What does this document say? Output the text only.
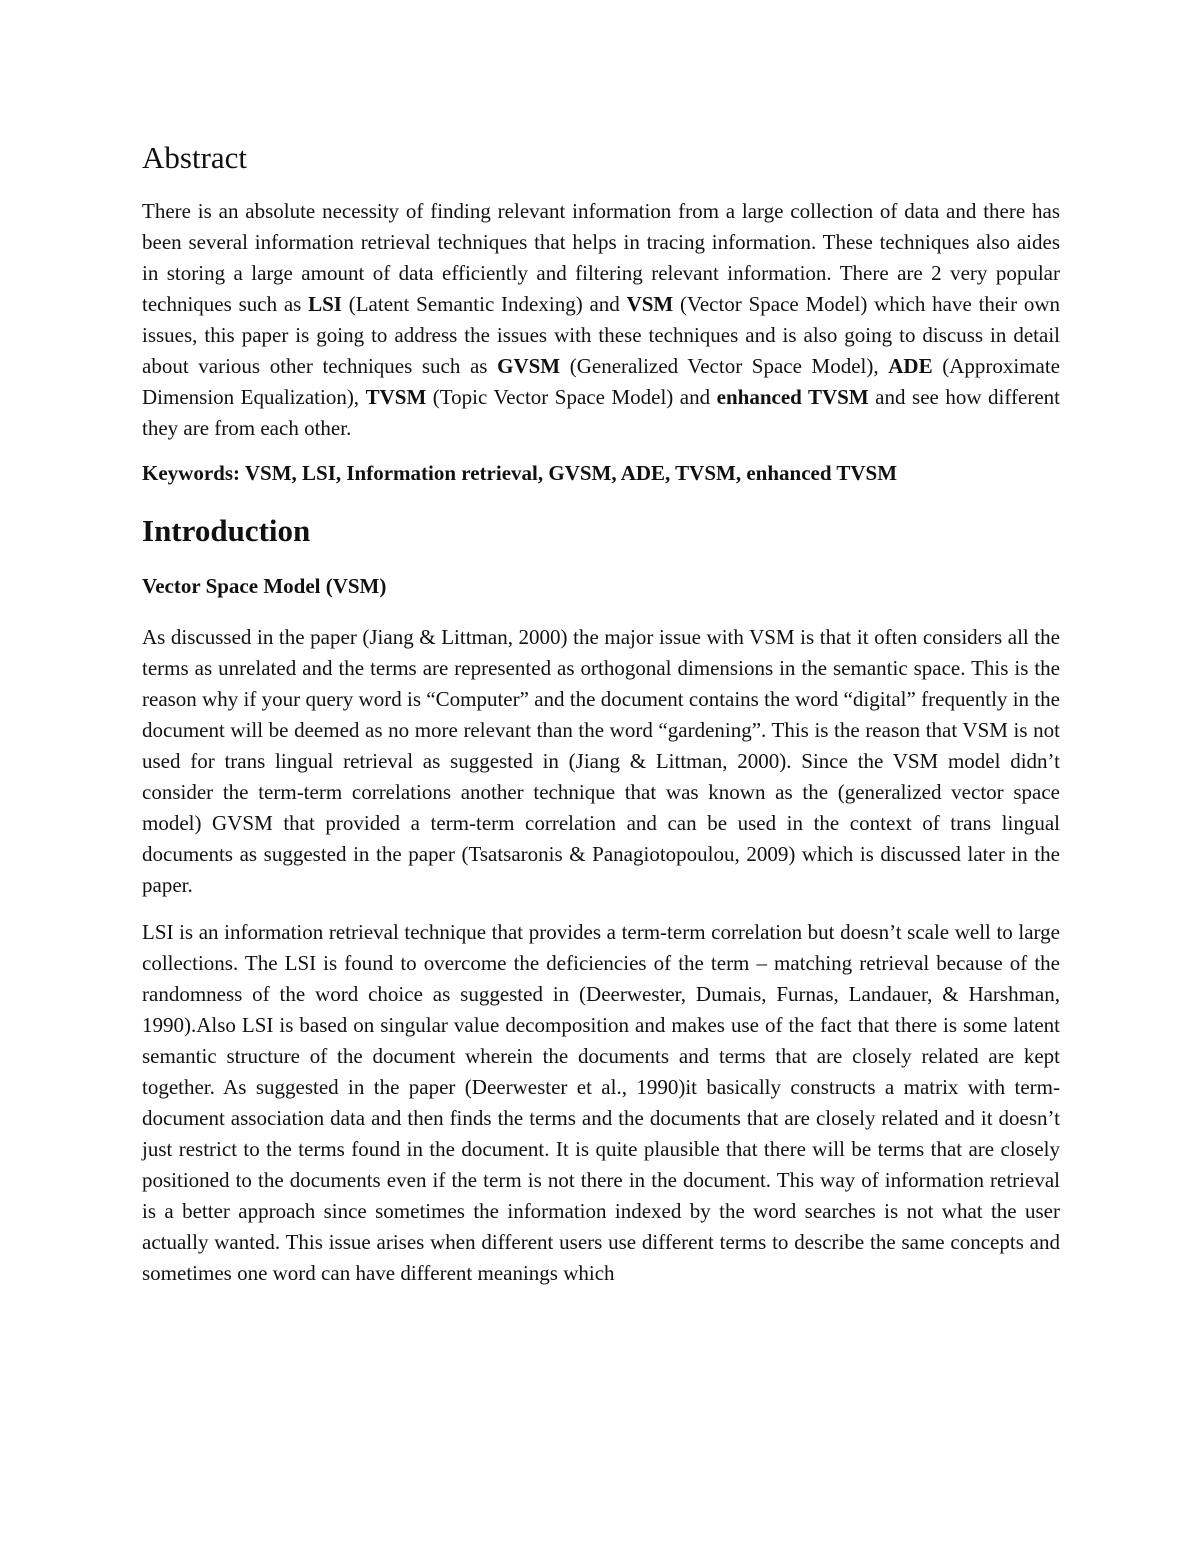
Abstract

There is an absolute necessity of finding relevant information from a large collection of data and there has been several information retrieval techniques that helps in tracing information. These techniques also aides in storing a large amount of data efficiently and filtering relevant information. There are 2 very popular techniques such as LSI (Latent Semantic Indexing) and VSM (Vector Space Model) which have their own issues, this paper is going to address the issues with these techniques and is also going to discuss in detail about various other techniques such as GVSM (Generalized Vector Space Model), ADE (Approximate Dimension Equalization), TVSM (Topic Vector Space Model) and enhanced TVSM and see how different they are from each other.

Keywords: VSM, LSI, Information retrieval, GVSM, ADE, TVSM, enhanced TVSM

Introduction
Vector Space Model (VSM)

As discussed in the paper (Jiang & Littman, 2000) the major issue with VSM is that it often considers all the terms as unrelated and the terms are represented as orthogonal dimensions in the semantic space. This is the reason why if your query word is “Computer” and the document contains the word “digital” frequently in the document will be deemed as no more relevant than the word “gardening”. This is the reason that VSM is not used for trans lingual retrieval as suggested in (Jiang & Littman, 2000). Since the VSM model didn’t consider the term-term correlations another technique that was known as the (generalized vector space model) GVSM that provided a term-term correlation and can be used in the context of trans lingual documents as suggested in the paper (Tsatsaronis & Panagiotopoulou, 2009) which is discussed later in the paper.

LSI is an information retrieval technique that provides a term-term correlation but doesn’t scale well to large collections. The LSI is found to overcome the deficiencies of the term – matching retrieval because of the randomness of the word choice as suggested in (Deerwester, Dumais, Furnas, Landauer, & Harshman, 1990).Also LSI is based on singular value decomposition and makes use of the fact that there is some latent semantic structure of the document wherein the documents and terms that are closely related are kept together. As suggested in the paper (Deerwester et al., 1990)it basically constructs a matrix with term-document association data and then finds the terms and the documents that are closely related and it doesn’t just restrict to the terms found in the document. It is quite plausible that there will be terms that are closely positioned to the documents even if the term is not there in the document. This way of information retrieval is a better approach since sometimes the information indexed by the word searches is not what the user actually wanted. This issue arises when different users use different terms to describe the same concepts and sometimes one word can have different meanings which
